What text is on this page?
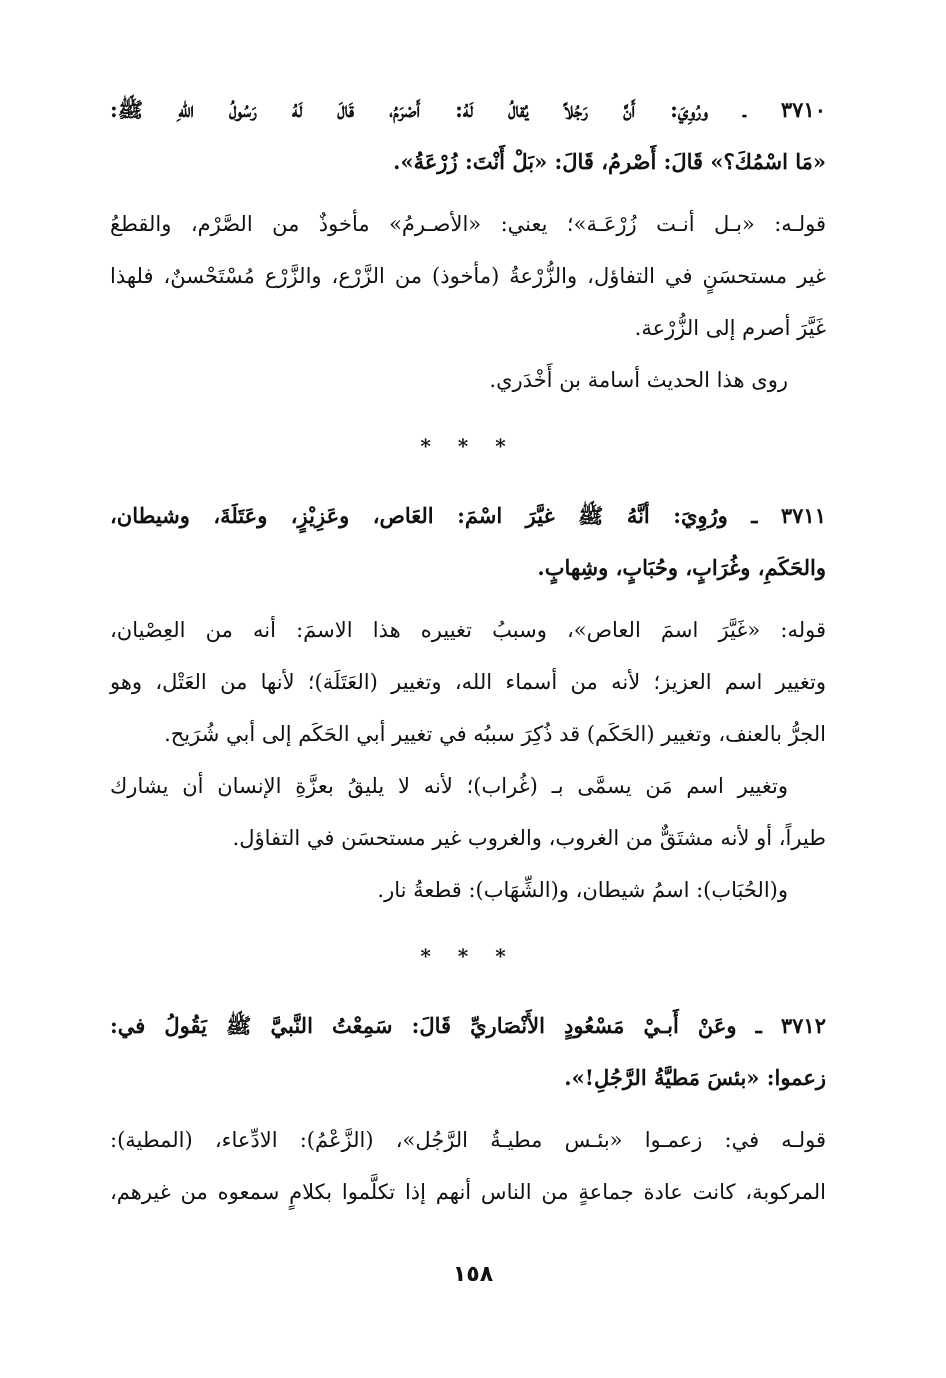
٣٧١٠ ـ ورُوِيَ: أَنَّ رَجُلاً يُقالُ لَهُ: أَصْرَمُ، قَالَ لَهُ رَسُولُ اللهِ ﷺ:
«مَا اسْمُكَ؟» قَالَ: أَصْرمُ، قَالَ: «بَلْ أَنْتَ: زُرْعَةُ».
قولـه: «بـل أنـت زُرْعَـة»؛ يعني: «الأصـرمُ» مأخوذٌ من الصَّرْم، والقطعُ
غير مستحسَنٍ في التفاؤل، والزُّرْعةُ (مأخوذ) من الزَّرْع، والزَّرْع مُسْتَحْسنٌ، فلهذا
غَيَّرَ أصرم إلى الزُّرْعة.
روى هذا الحديث أسامة بن أَخْدَري.
* * *
٣٧١١ ـ ورُوِيَ: أنَّهُ ﷺ غيَّرَ اسْمَ: العَاص، وعَزِيْزٍ، وعَتَلَةَ، وشيطان،
والحَكَمِ، وغُرَابٍ، وحُبَابٍ، وشِهابٍ.
قوله: «غَيَّرَ اسمَ العاص»، وسببُ تغييره هذا الاسمَ: أنه من العِصْيان،
وتغيير اسم العزيز؛ لأنه من أسماء الله، وتغيير (العَتَلَة)؛ لأنها من العَتْل، وهو
الجرُّ بالعنف، وتغيير (الحَكَم) قد ذُكِرَ سببُه في تغيير أبي الحَكَم إلى أبي شُرَيح.
وتغيير اسم مَن يسمَّى بـ (غُراب)؛ لأنه لا يليقُ بعزَّةِ الإنسان أن يشارك
طيراً، أو لأنه مشتَقٌّ من الغروب، والغروب غير مستحسَن في التفاؤل.
و(الحُبَاب): اسمُ شيطان، و(الشِّهَاب): قطعةُ نار.
* * *
٣٧١٢ ـ وعَنْ أَبـيْ مَسْعُودٍ الأَنْصَاريِّ قَالَ: سَمِعْتُ النَّبيَّ ﷺ يَقُولُ في:
زعموا: «بئسَ مَطيَّةُ الرَّجُلِ!».
قولـه في: زعمـوا «بئـس مطيـةُ الرَّجُل»، (الزَّعْمُ): الادِّعاء، (المطية):
المركوبة، كانت عادة جماعةٍ من الناس أنهم إذا تكلَّموا بكلامٍ سمعوه من غيرهم،
١٥٨
